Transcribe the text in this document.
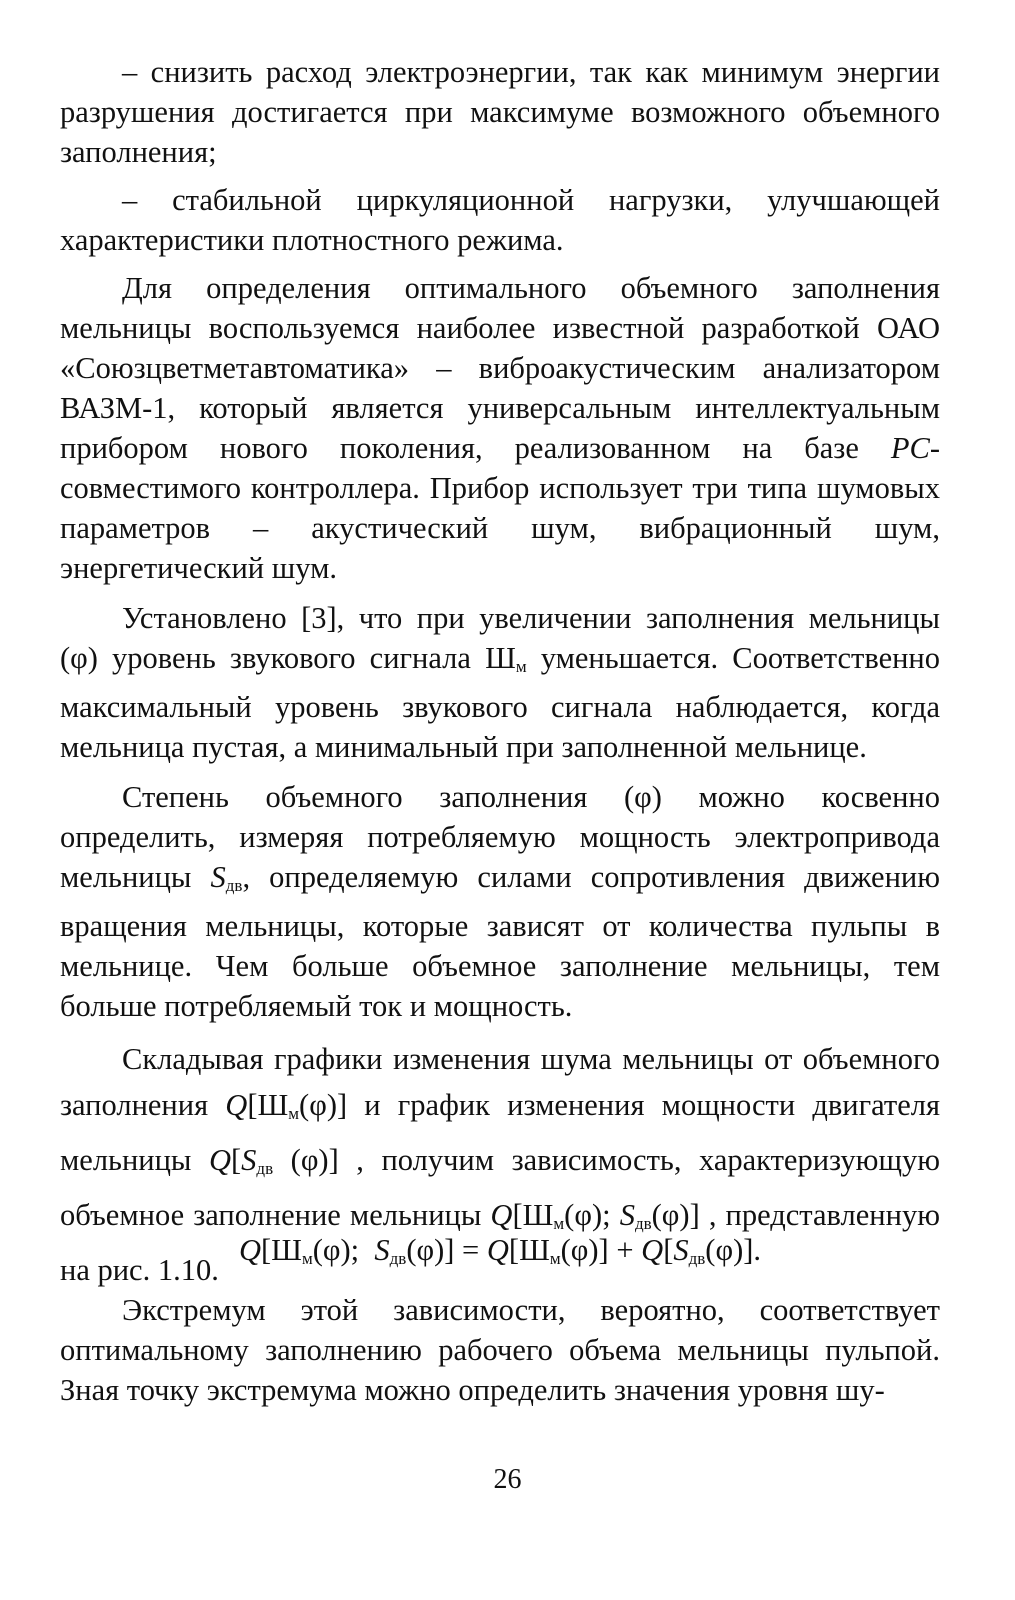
– снизить расход электроэнергии, так как минимум энергии разрушения достигается при максимуме возможного объемного заполнения;

– стабильной циркуляционной нагрузки, улучшающей характеристики плотностного режима.

Для определения оптимального объемного заполнения мельницы воспользуемся наиболее известной разработкой ОАО «Союзцветметавтоматика» – виброакустическим анализатором ВАЗМ-1, который является универсальным интеллектуальным прибором нового поколения, реализованном на базе PC-совместимого контроллера. Прибор использует три типа шумовых параметров – акустический шум, вибрационный шум, энергетический шум.

Установлено [3], что при увеличении заполнения мельницы (φ) уровень звукового сигнала $Ш_м$ уменьшается. Соответственно максимальный уровень звукового сигнала наблюдается, когда мельница пустая, а минимальный при заполненной мельнице.

Степень объемного заполнения (φ) можно косвенно определить, измеряя потребляемую мощность электропривода мельницы $S_{дв}$, определяемую силами сопротивления движению вращения мельницы, которые зависят от количества пульпы в мельнице. Чем больше объемное заполнение мельницы, тем больше потребляемый ток и мощность.

Складывая графики изменения шума мельницы от объемного заполнения $Q[Ш_м(\varphi)]$ и график изменения мощности двигателя мельницы $Q[S_{дв}$ (φ)] , получим зависимость, характеризующую объемное заполнение мельницы $Q[Ш_м(\varphi)$; $S_{дв}(\varphi)$] , представленную на рис. 1.10.

$Q[Ш_м(\varphi)$;  $S_{дв}(\varphi)] = Q[Ш_м(\varphi)] + Q[S_{дв}(\varphi)]$.

Экстремум этой зависимости, вероятно, соответствует оптимальному заполнению рабочего объема мельницы пульпой. Зная точку экстремума можно определить значения уровня шу-

26
